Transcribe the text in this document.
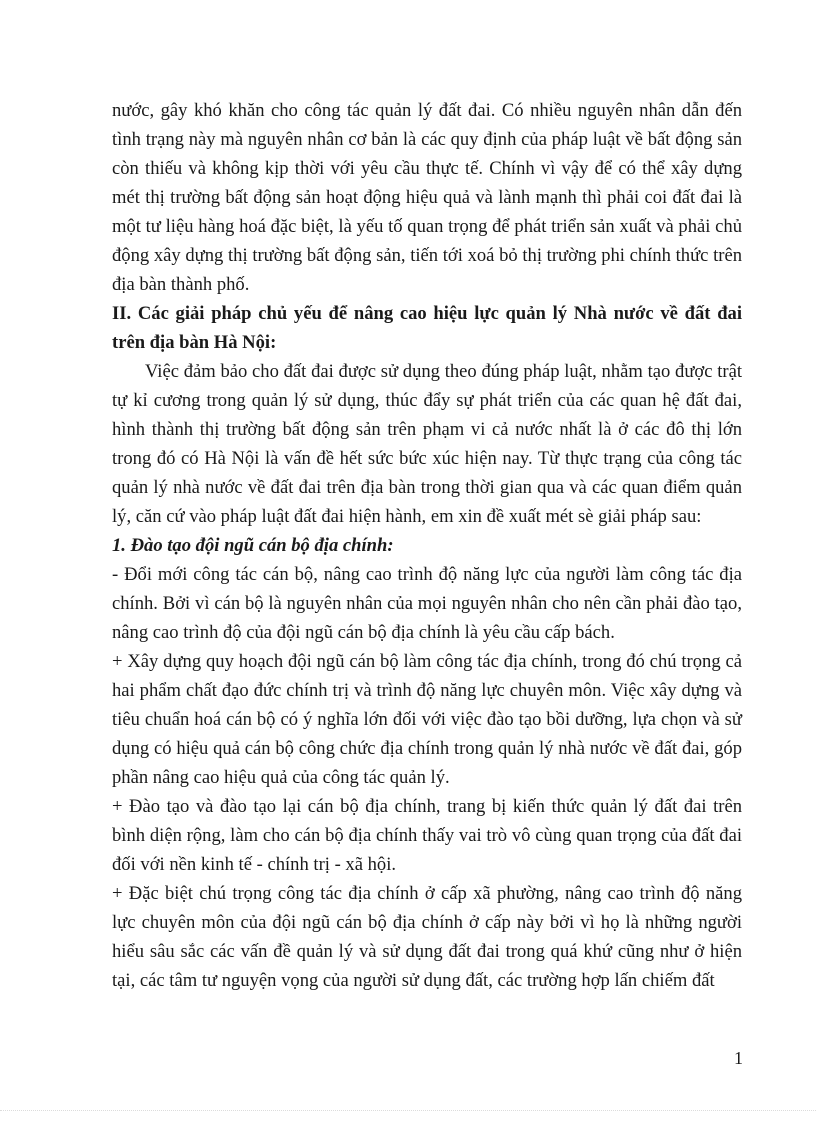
nước, gây khó khăn cho công tác quản lý đất đai. Có nhiều nguyên nhân dẫn đến tình trạng này mà nguyên nhân cơ bản là các quy định của pháp luật về bất động sản còn thiếu và không kịp thời với yêu cầu thực tế. Chính vì vậy để có thể xây dựng mét thị trường bất động sản hoạt động hiệu quả và lành mạnh thì phải coi đất đai là một tư liệu hàng hoá đặc biệt, là yếu tố quan trọng để phát triển sản xuất và phải chủ động xây dựng thị trường bất động sản, tiến tới xoá bỏ thị trường phi chính thức trên địa bàn thành phố.

II. Các giải pháp chủ yếu để nâng cao hiệu lực quản lý Nhà nước về đất đai trên địa bàn Hà Nội:

Việc đảm bảo cho đất đai được sử dụng theo đúng pháp luật, nhằm tạo được trật tự kỉ cương trong quản lý sử dụng, thúc đẩy sự phát triển của các quan hệ đất đai, hình thành thị trường bất động sản trên phạm vi cả nước nhất là ở các đô thị lớn trong đó có Hà Nội là vấn đề hết sức bức xúc hiện nay. Từ thực trạng của công tác quản lý nhà nước về đất đai trên địa bàn trong thời gian qua và các quan điểm quản lý, căn cứ vào pháp luật đất đai hiện hành, em xin đề xuất mét sè giải pháp sau:

1. Đào tạo đội ngũ cán bộ địa chính:

- Đổi mới công tác cán bộ, nâng cao trình độ năng lực của người làm công tác địa chính. Bởi vì cán bộ là nguyên nhân của mọi nguyên nhân cho nên cần phải đào tạo, nâng cao trình độ của đội ngũ cán bộ địa chính là yêu cầu cấp bách.

+ Xây dựng quy hoạch đội ngũ cán bộ làm công tác địa chính, trong đó chú trọng cả hai phẩm chất đạo đức chính trị và trình độ năng lực chuyên môn. Việc xây dựng và tiêu chuẩn hoá cán bộ có ý nghĩa lớn đối với việc đào tạo bồi dưỡng, lựa chọn và sử dụng có hiệu quả cán bộ công chức địa chính trong quản lý nhà nước về đất đai, góp phần nâng cao hiệu quả của công tác quản lý.

+ Đào tạo và đào tạo lại cán bộ địa chính, trang bị kiến thức quản lý đất đai trên bình diện rộng, làm cho cán bộ địa chính thấy vai trò vô cùng quan trọng của đất đai đối với nền kinh tế - chính trị - xã hội.

+ Đặc biệt chú trọng công tác địa chính ở cấp xã phường, nâng cao trình độ năng lực chuyên môn của đội ngũ cán bộ địa chính ở cấp này bởi vì họ là những người hiểu sâu sắc các vấn đề quản lý và sử dụng đất đai trong quá khứ cũng như ở hiện tại, các tâm tư nguyện vọng của người sử dụng đất, các trường hợp lấn chiếm đất

1
